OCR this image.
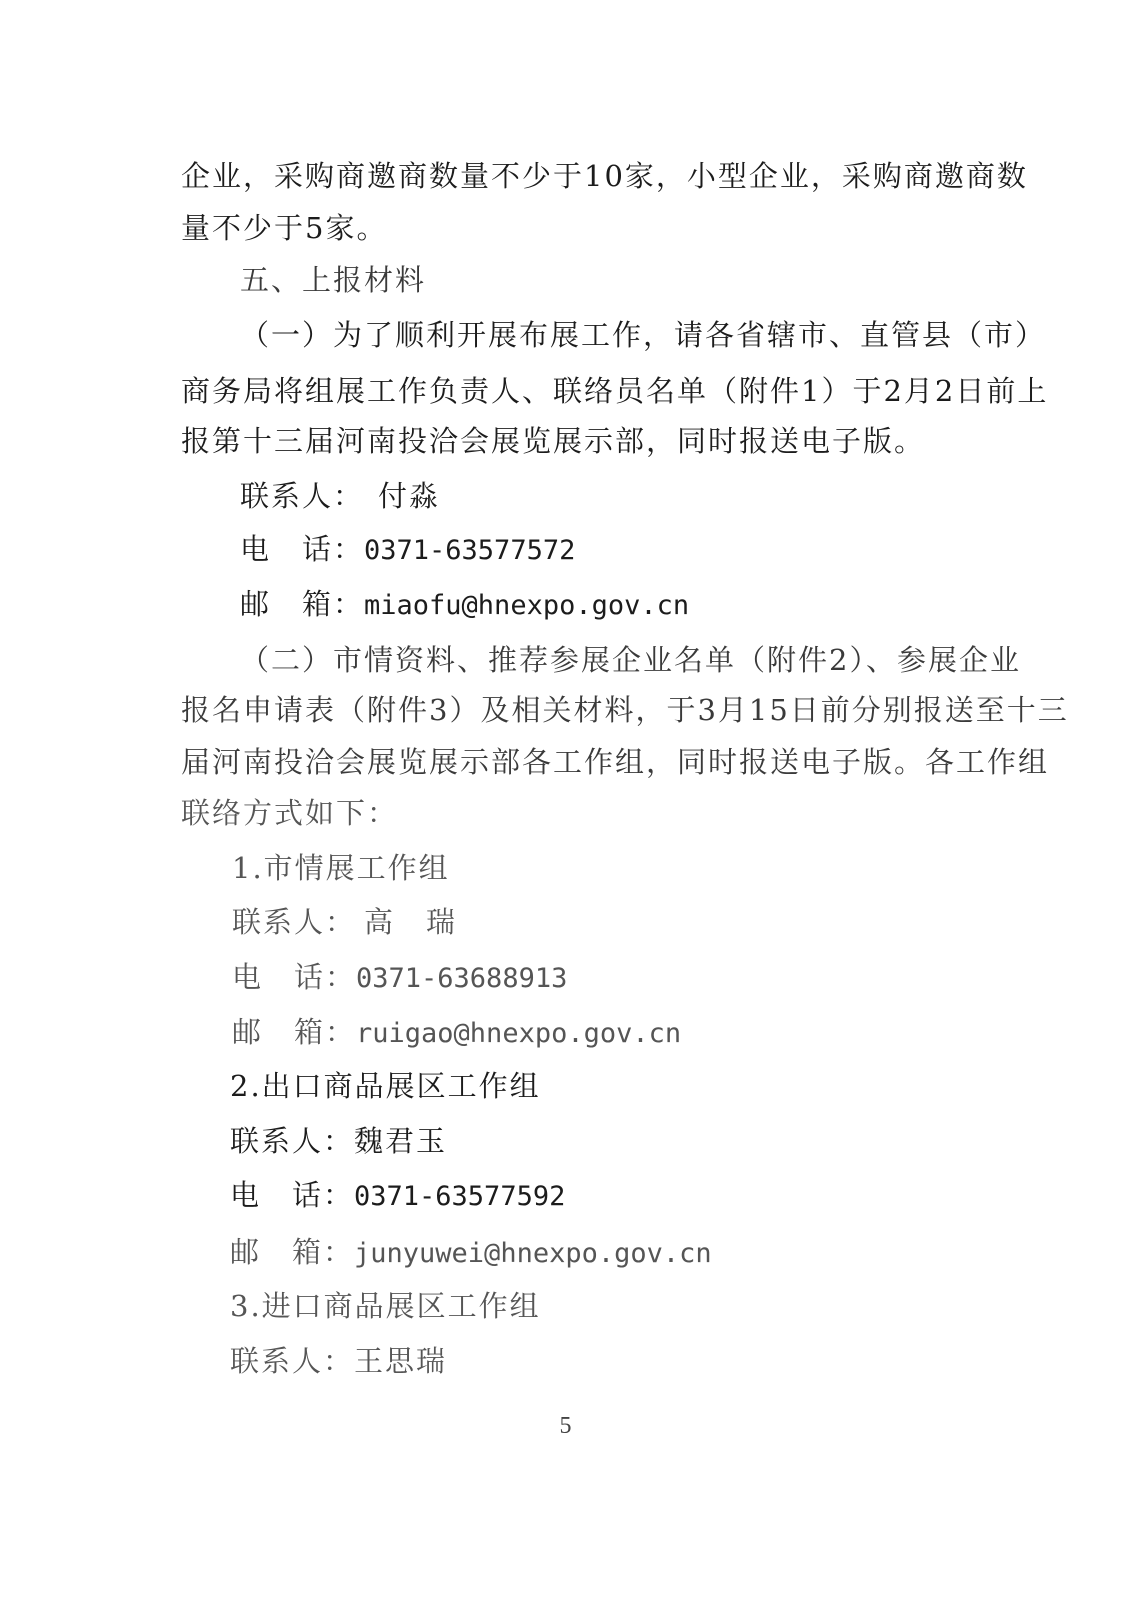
企业，采购商邀商数量不少于10家，小型企业，采购商邀商数
量不少于5家。
五、上报材料
（一）为了顺利开展布展工作，请各省辖市、直管县（市）
商务局将组展工作负责人、联络员名单（附件1）于2月2日前上
报第十三届河南投洽会展览展示部，同时报送电子版。
联系人： 付淼
电　话：0371-63577572
邮　箱：miaofu@hnexpo.gov.cn
（二）市情资料、推荐参展企业名单（附件2）、参展企业
报名申请表（附件3）及相关材料，于3月15日前分别报送至十三
届河南投洽会展览展示部各工作组，同时报送电子版。各工作组
联络方式如下：
1.市情展工作组
联系人： 高　瑞
电　话：0371-63688913
邮　箱：ruigao@hnexpo.gov.cn
2.出口商品展区工作组
联系人：魏君玉
电　话：0371-63577592
邮　箱：junyuwei@hnexpo.gov.cn
3.进口商品展区工作组
联系人：王思瑞
5
